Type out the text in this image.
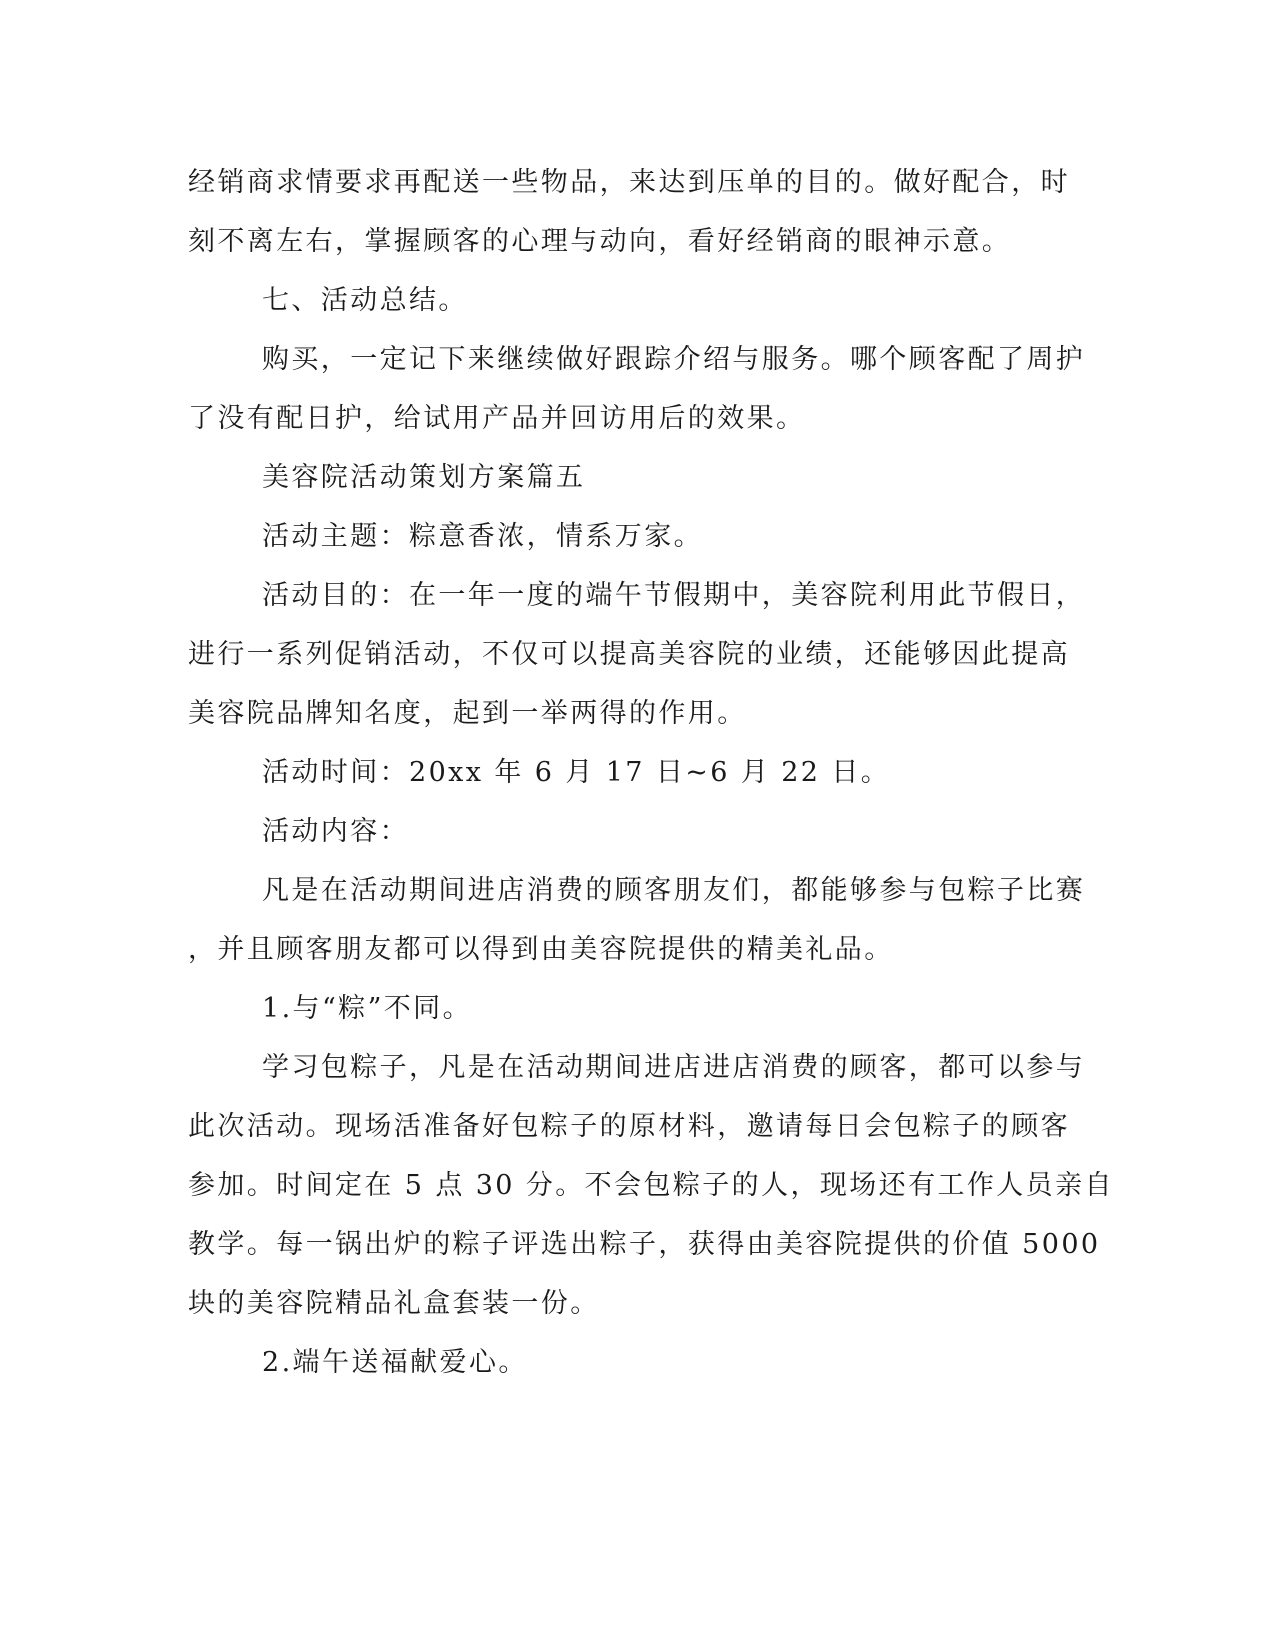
经销商求情要求再配送一些物品，来达到压单的目的。做好配合，时

刻不离左右，掌握顾客的心理与动向，看好经销商的眼神示意。

七、活动总结。

购买，一定记下来继续做好跟踪介绍与服务。哪个顾客配了周护

了没有配日护，给试用产品并回访用后的效果。

美容院活动策划方案篇五

活动主题：粽意香浓，情系万家。

活动目的：在一年一度的端午节假期中，美容院利用此节假日，

进行一系列促销活动，不仅可以提高美容院的业绩，还能够因此提高

美容院品牌知名度，起到一举两得的作用。

活动时间：20xx 年 6 月 17 日~6 月 22 日。

活动内容：

凡是在活动期间进店消费的顾客朋友们，都能够参与包粽子比赛

，并且顾客朋友都可以得到由美容院提供的精美礼品。

1.与“粽”不同。

学习包粽子，凡是在活动期间进店进店消费的顾客，都可以参与

此次活动。现场活准备好包粽子的原材料，邀请每日会包粽子的顾客

参加。时间定在 5 点 30 分。不会包粽子的人，现场还有工作人员亲自

教学。每一锅出炉的粽子评选出粽子，获得由美容院提供的价值 5000

块的美容院精品礼盒套装一份。

2.端午送福献爱心。
